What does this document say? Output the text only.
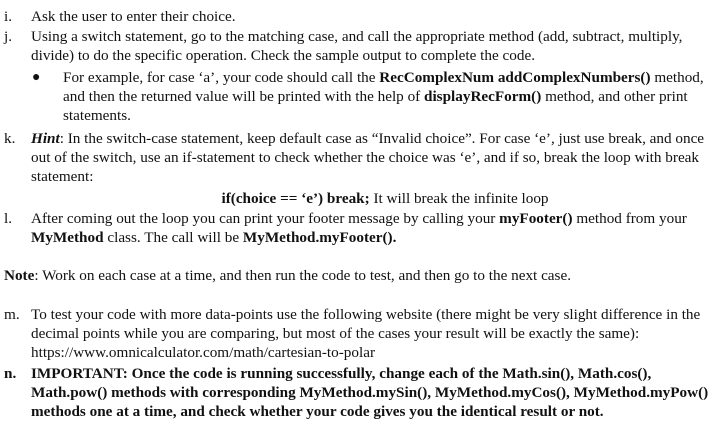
i.	Ask the user to enter their choice.
j.	Using a switch statement, go to the matching case, and call the appropriate method (add, subtract, multiply, divide) to do the specific operation. Check the sample output to complete the code.
● For example, for case ‘a’, your code should call the RecComplexNum addComplexNumbers() method, and then the returned value will be printed with the help of displayRecForm() method, and other print statements.
k.	Hint: In the switch-case statement, keep default case as “Invalid choice”. For case ‘e’, just use break, and once out of the switch, use an if-statement to check whether the choice was ‘e’, and if so, break the loop with break statement:
if(choice == ‘e’) break; It will break the infinite loop
l.	After coming out the loop you can print your footer message by calling your myFooter() method from your MyMethod class. The call will be MyMethod.myFooter().
Note: Work on each case at a time, and then run the code to test, and then go to the next case.
m. To test your code with more data-points use the following website (there might be very slight difference in the decimal points while you are comparing, but most of the cases your result will be exactly the same): https://www.omnicalculator.com/math/cartesian-to-polar
n. IMPORTANT: Once the code is running successfully, change each of the Math.sin(), Math.cos(), Math.pow() methods with corresponding MyMethod.mySin(), MyMethod.myCos(), MyMethod.myPow() methods one at a time, and check whether your code gives you the identical result or not.
